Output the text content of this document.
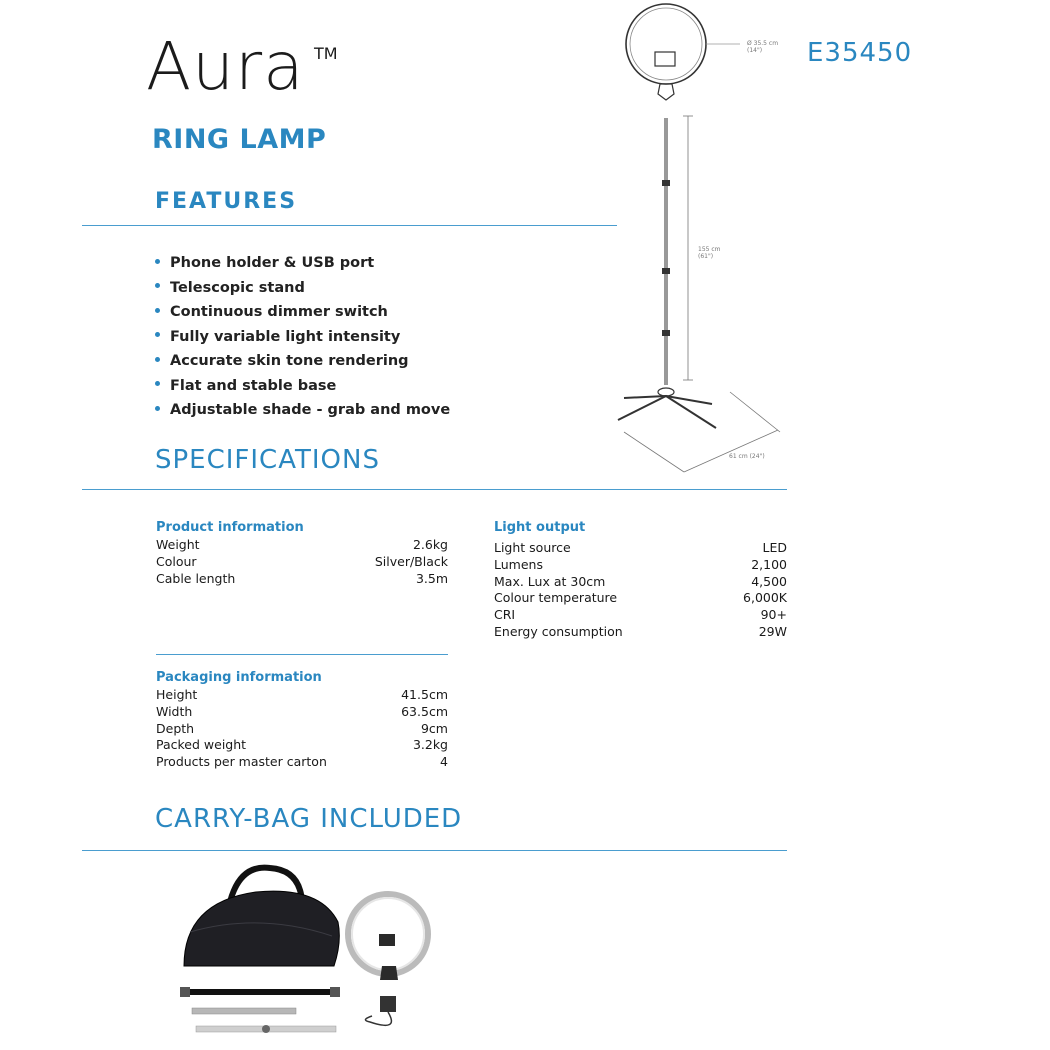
Aura TM
RING LAMP
E35450
Ø 35.5 cm
(14")
155 cm
(61")
61 cm (24")
FEATURES
Phone holder & USB port
Telescopic stand
Continuous dimmer switch
Fully variable light intensity
Accurate skin tone rendering
Flat and stable base
Adjustable shade - grab and move
SPECIFICATIONS
Product information
Weight	2.6kg
Colour	Silver/Black
Cable length	3.5m
Light output
Light source	LED
Lumens	2,100
Max. Lux at 30cm	4,500
Colour temperature	6,000K
CRI	90+
Energy consumption	29W
Packaging information
Height	41.5cm
Width	63.5cm
Depth	9cm
Packed weight	3.2kg
Products per master carton	4
CARRY-BAG INCLUDED
